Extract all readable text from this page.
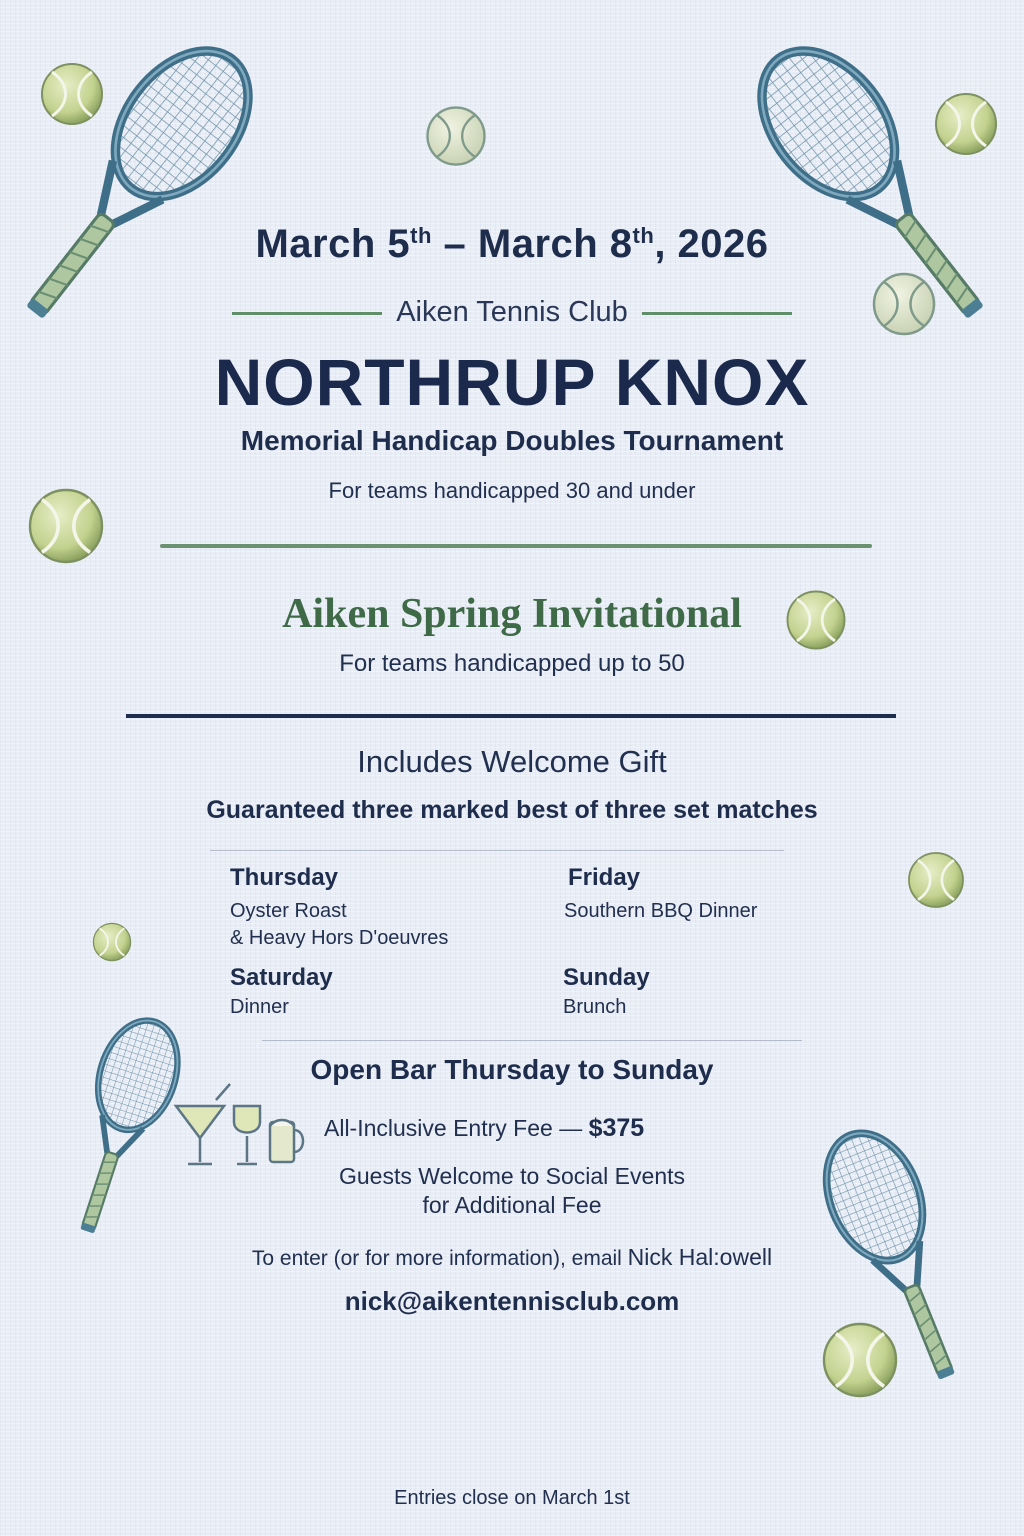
March 5th – March 8th, 2026
Aiken Tennis Club
NORTHRUP KNOX
Memorial Handicap Doubles Tournament
For teams handicapped 30 and under
Aiken Spring Invitational
For teams handicapped up to 50
Includes Welcome Gift
Guaranteed three marked best of three set matches
Thursday
Oyster Roast
& Heavy Hors D'oeuvres
Friday
Southern BBQ Dinner
Saturday
Dinner
Sunday
Brunch
Open Bar Thursday to Sunday
All-Inclusive Entry Fee — $375
Guests Welcome to Social Events
for Additional Fee
To enter (or for more information), email Nick Hal:owell
nick@aikentennisclub.com
Entries close on March 1st
